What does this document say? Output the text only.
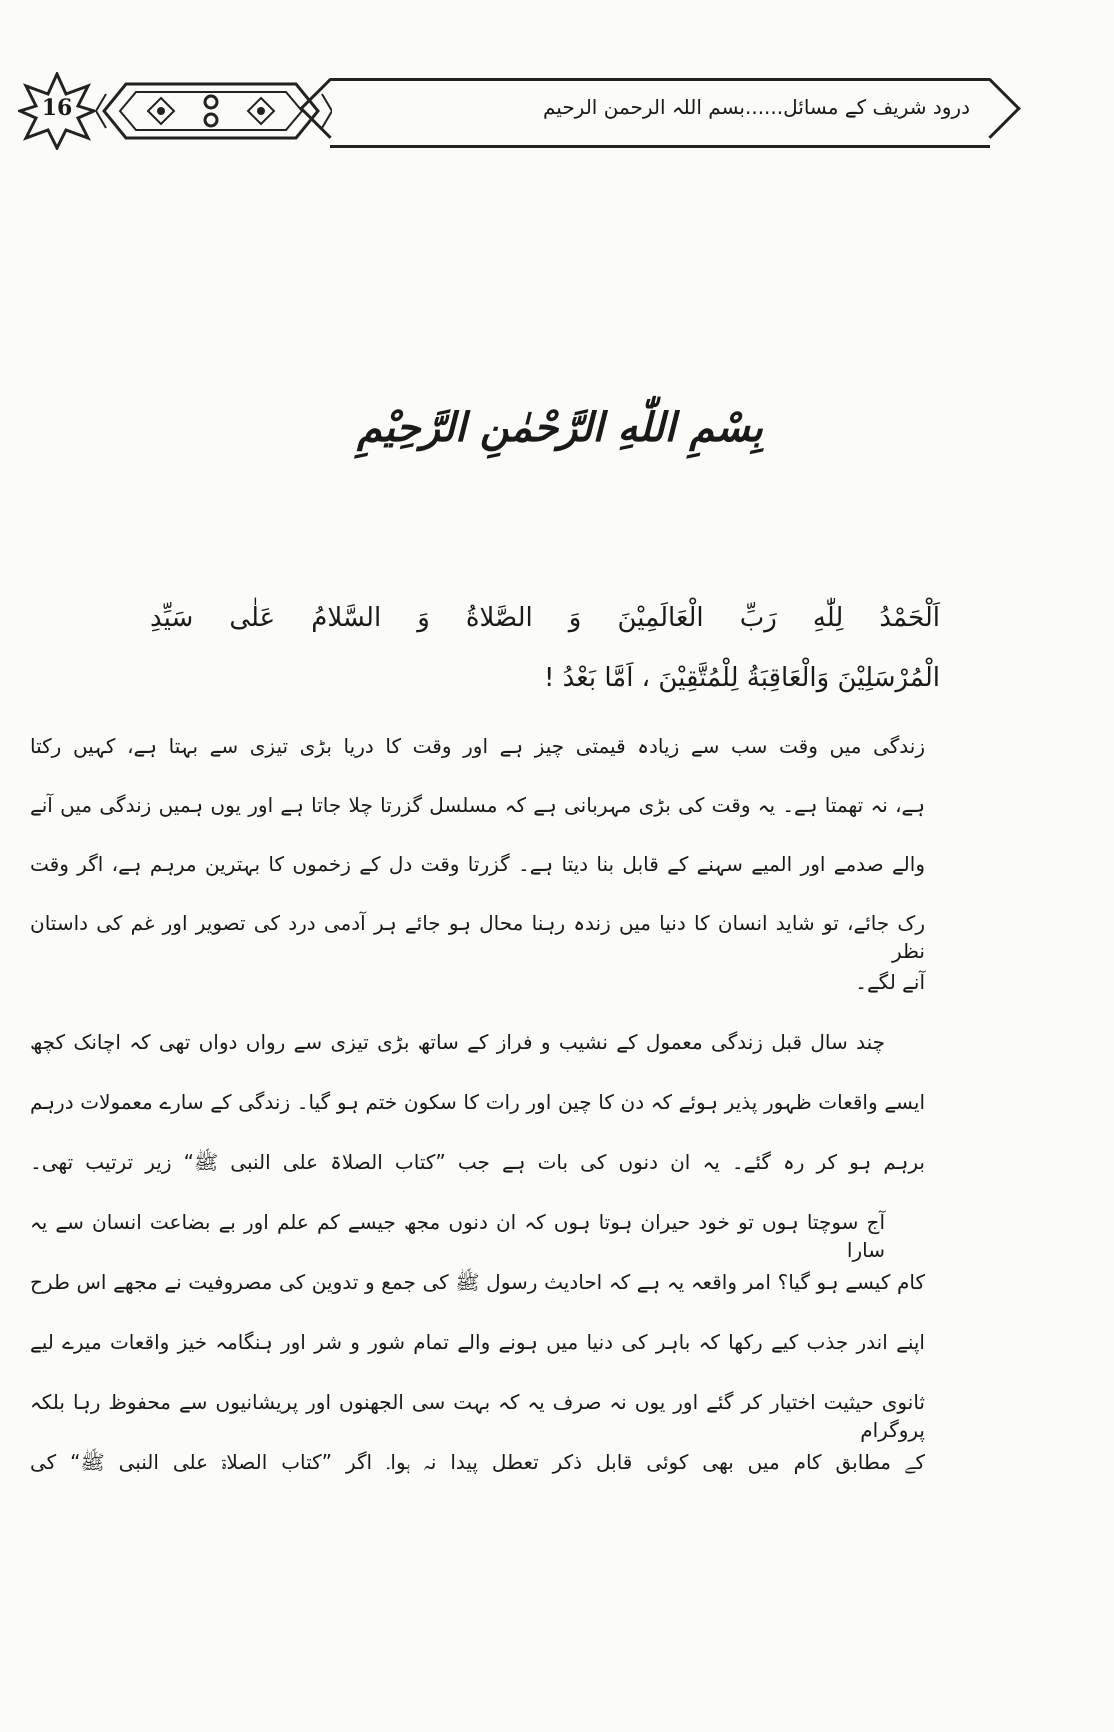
16	درود شریف کے مسائل......بسم اللہ الرحمن الرحیم
بِسْمِ اللّٰهِ الرَّحْمٰنِ الرَّحِيْمِ
اَلْحَمْدُ لِلّٰهِ رَبِّ الْعَالَمِيْنَ وَ الصَّلاةُ وَ السَّلامُ عَلٰى سَيِّدِ
الْمُرْسَلِيْنَ وَالْعَاقِبَةُ لِلْمُتَّقِيْنَ ، اَمَّا بَعْدُ !
زندگی میں وقت سب سے زیادہ قیمتی چیز ہے اور وقت کا دریا بڑی تیزی سے بہتا ہے، کہیں رکتا
ہے، نہ تھمتا ہے۔ یہ وقت کی بڑی مہربانی ہے کہ مسلسل گزرتا چلا جاتا ہے اور یوں ہمیں زندگی میں آنے
والے صدمے اور المیے سہنے کے قابل بنا دیتا ہے۔ گزرتا وقت دل کے زخموں کا بہترین مرہم ہے، اگر وقت
رک جائے، تو شاید انسان کا دنیا میں زندہ رہنا محال ہو جائے ہر آدمی درد کی تصویر اور غم کی داستان نظر
آنے لگے۔
چند سال قبل زندگی معمول کے نشیب و فراز کے ساتھ بڑی تیزی سے رواں دواں تھی کہ اچانک کچھ
ایسے واقعات ظہور پذیر ہوئے کہ دن کا چین اور رات کا سکون ختم ہو گیا۔ زندگی کے سارے معمولات درہم
برہم ہو کر رہ گئے۔ یہ ان دنوں کی بات ہے جب ”کتاب الصلاۃ علی النبی ﷺ“ زیر ترتیب تھی۔
آج سوچتا ہوں تو خود حیران ہوتا ہوں کہ ان دنوں مجھ جیسے کم علم اور بے بضاعت انسان سے یہ سارا
کام کیسے ہو گیا؟ امر واقعہ یہ ہے کہ احادیث رسول ﷺ کی جمع و تدوین کی مصروفیت نے مجھے اس طرح
اپنے اندر جذب کیے رکھا کہ باہر کی دنیا میں ہونے والے تمام شور و شر اور ہنگامہ خیز واقعات میرے لیے
ثانوی حیثیت اختیار کر گئے اور یوں نہ صرف یہ کہ بہت سی الجھنوں اور پریشانیوں سے محفوظ رہا بلکہ پروگرام
کے مطابق کام میں بھی کوئی قابل ذکر تعطل پیدا نہ ہوا۔ اگر ”کتاب الصلاۃ علی النبی ﷺ“ کی
